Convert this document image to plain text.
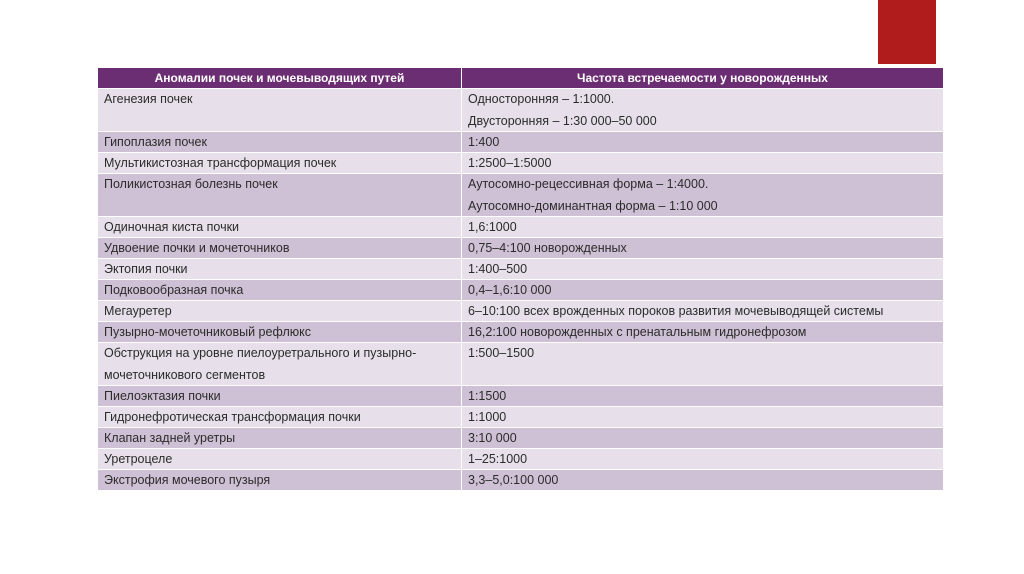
Аномалии почек и мочевыводящих путей	Частота встречаемости у новорожденных

Агенезия почек	Односторонняя – 1:1000.
Двусторонняя – 1:30 000–50 000

Гипоплазия почек	1:400

Мультикистозная трансформация почек	1:2500–1:5000

Поликистозная болезнь почек	Аутосомно-рецессивная форма – 1:4000.
Аутосомно-доминантная форма – 1:10 000

Одиночная киста почки	1,6:1000

Удвоение почки и мочеточников	0,75–4:100 новорожденных

Эктопия почки	1:400–500

Подковообразная почка	0,4–1,6:10 000

Мегауретер	6–10:100 всех врожденных пороков развития мочевыводящей системы

Пузырно-мочеточниковый рефлюкс	16,2:100 новорожденных с пренатальным гидронефрозом

Обструкция на уровне пиелоуретрального и пузырно-
мочеточникового сегментов	1:500–1500

Пиелоэктазия почки	1:1500

Гидронефротическая трансформация почки	1:1000

Клапан задней уретры	3:10 000

Уретроцеле	1–25:1000

Экстрофия мочевого пузыря	3,3–5,0:100 000
